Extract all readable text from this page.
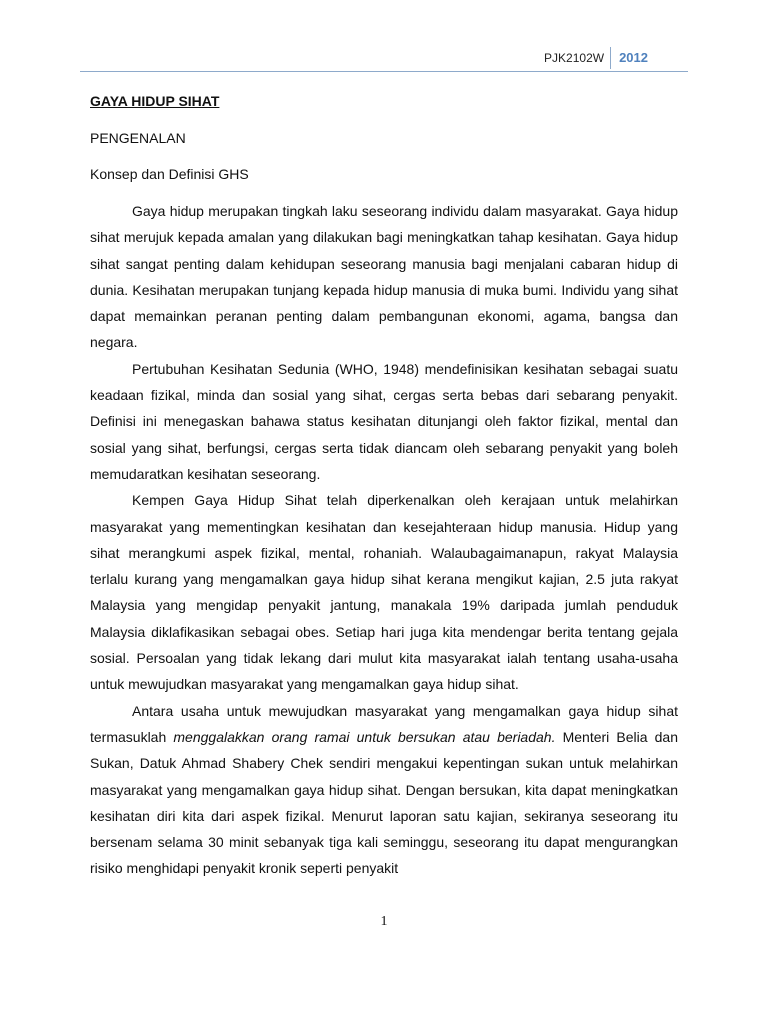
PJK2102W	2012
GAYA HIDUP SIHAT
PENGENALAN
Konsep dan Definisi GHS

Gaya hidup merupakan tingkah laku seseorang individu dalam masyarakat. Gaya hidup sihat merujuk kepada amalan yang dilakukan bagi meningkatkan tahap kesihatan. Gaya hidup sihat sangat penting dalam kehidupan seseorang manusia bagi menjalani cabaran hidup di dunia. Kesihatan merupakan tunjang kepada hidup manusia di muka bumi. Individu yang sihat dapat memainkan peranan penting dalam pembangunan ekonomi, agama, bangsa dan negara.

Pertubuhan Kesihatan Sedunia (WHO, 1948) mendefinisikan kesihatan sebagai suatu keadaan fizikal, minda dan sosial yang sihat, cergas serta bebas dari sebarang penyakit. Definisi ini menegaskan bahawa status kesihatan ditunjangi oleh faktor fizikal, mental dan sosial yang sihat, berfungsi, cergas serta tidak diancam oleh sebarang penyakit yang boleh memudaratkan kesihatan seseorang.

Kempen Gaya Hidup Sihat telah diperkenalkan oleh kerajaan untuk melahirkan masyarakat yang mementingkan kesihatan dan kesejahteraan hidup manusia. Hidup yang sihat merangkumi aspek fizikal, mental, rohaniah. Walaubagaimanapun, rakyat Malaysia terlalu kurang yang mengamalkan gaya hidup sihat kerana mengikut kajian, 2.5 juta rakyat Malaysia yang mengidap penyakit jantung, manakala 19% daripada jumlah penduduk Malaysia diklafikasikan sebagai obes. Setiap hari juga kita mendengar berita tentang gejala sosial. Persoalan yang tidak lekang dari mulut kita masyarakat ialah tentang usaha-usaha untuk mewujudkan masyarakat yang mengamalkan gaya hidup sihat.

Antara usaha untuk mewujudkan masyarakat yang mengamalkan gaya hidup sihat termasuklah menggalakkan orang ramai untuk bersukan atau beriadah. Menteri Belia dan Sukan, Datuk Ahmad Shabery Chek sendiri mengakui kepentingan sukan untuk melahirkan masyarakat yang mengamalkan gaya hidup sihat. Dengan bersukan, kita dapat meningkatkan kesihatan diri kita dari aspek fizikal. Menurut laporan satu kajian, sekiranya seseorang itu bersenam selama 30 minit sebanyak tiga kali seminggu, seseorang itu dapat mengurangkan risiko menghidapi penyakit kronik seperti penyakit

1
